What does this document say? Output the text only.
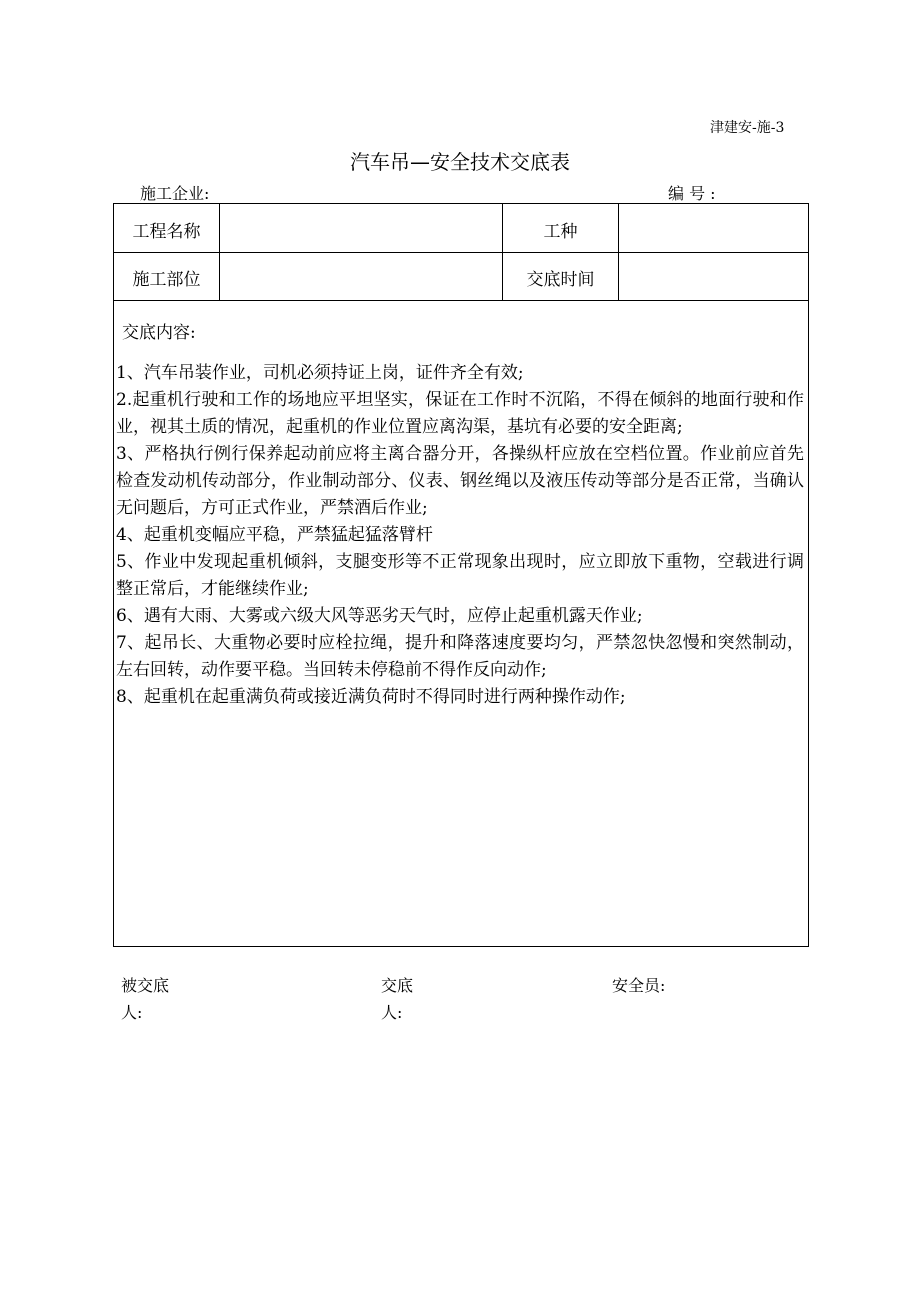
津建安-施-3
汽车吊—安全技术交底表
施工企业:	编 号 :
工程名称	工种
施工部位	交底时间
交底内容:
1、汽车吊装作业，司机必须持证上岗，证件齐全有效;
2.起重机行驶和工作的场地应平坦坚实，保证在工作时不沉陷，不得在倾斜的地面行驶和作业，视其土质的情况，起重机的作业位置应离沟渠，基坑有必要的安全距离;
3、严格执行例行保养起动前应将主离合器分开，各操纵杆应放在空档位置。作业前应首先检查发动机传动部分，作业制动部分、仪表、钢丝绳以及液压传动等部分是否正常，当确认无问题后，方可正式作业，严禁酒后作业;
4、起重机变幅应平稳，严禁猛起猛落臂杆
5、作业中发现起重机倾斜，支腿变形等不正常现象出现时，应立即放下重物，空载进行调整正常后，才能继续作业;
6、遇有大雨、大雾或六级大风等恶劣天气时，应停止起重机露天作业;
7、起吊长、大重物必要时应栓拉绳，提升和降落速度要均匀，严禁忽快忽慢和突然制动，左右回转，动作要平稳。当回转未停稳前不得作反向动作;
8、起重机在起重满负荷或接近满负荷时不得同时进行两种操作动作;
被交底
人:
交底
人:
安全员:
